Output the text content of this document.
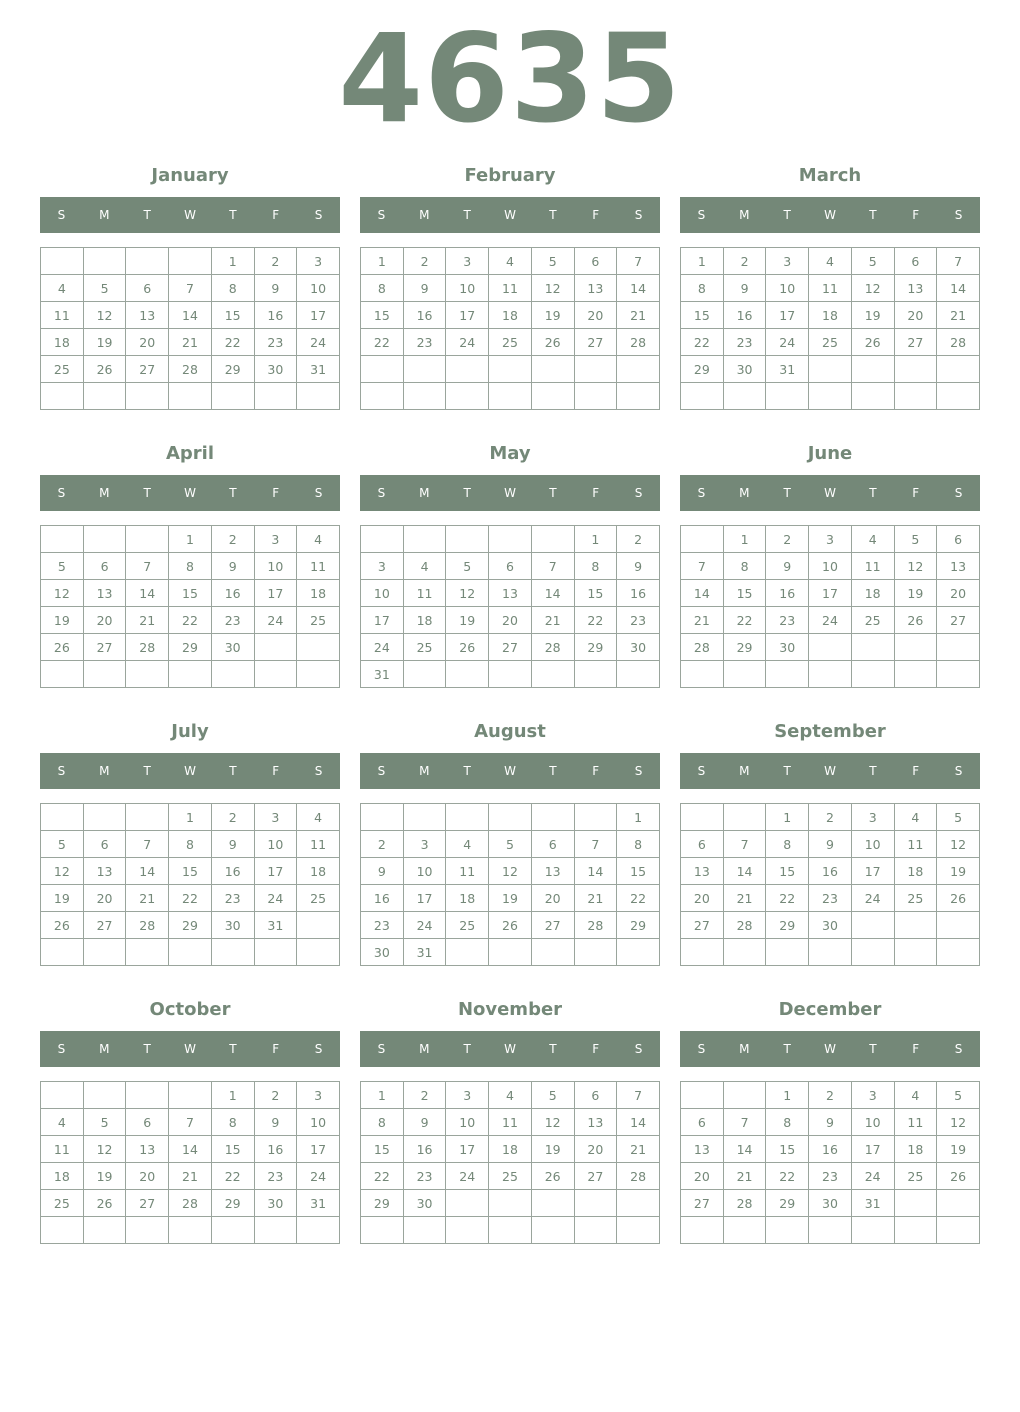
4635
January
S	M	T	W	T	F	S
				1	2	3
4	5	6	7	8	9	10
11	12	13	14	15	16	17
18	19	20	21	22	23	24
25	26	27	28	29	30	31

February
S	M	T	W	T	F	S
1	2	3	4	5	6	7
8	9	10	11	12	13	14
15	16	17	18	19	20	21
22	23	24	25	26	27	28

March
S	M	T	W	T	F	S
1	2	3	4	5	6	7
8	9	10	11	12	13	14
15	16	17	18	19	20	21
22	23	24	25	26	27	28
29	30	31				

April
S	M	T	W	T	F	S
			1	2	3	4
5	6	7	8	9	10	11
12	13	14	15	16	17	18
19	20	21	22	23	24	25
26	27	28	29	30		

May
S	M	T	W	T	F	S
					1	2
3	4	5	6	7	8	9
10	11	12	13	14	15	16
17	18	19	20	21	22	23
24	25	26	27	28	29	30
31						
June
S	M	T	W	T	F	S
	1	2	3	4	5	6
7	8	9	10	11	12	13
14	15	16	17	18	19	20
21	22	23	24	25	26	27
28	29	30				

July
S	M	T	W	T	F	S
			1	2	3	4
5	6	7	8	9	10	11
12	13	14	15	16	17	18
19	20	21	22	23	24	25
26	27	28	29	30	31	

August
S	M	T	W	T	F	S
						1
2	3	4	5	6	7	8
9	10	11	12	13	14	15
16	17	18	19	20	21	22
23	24	25	26	27	28	29
30	31					
September
S	M	T	W	T	F	S
		1	2	3	4	5
6	7	8	9	10	11	12
13	14	15	16	17	18	19
20	21	22	23	24	25	26
27	28	29	30			

October
S	M	T	W	T	F	S
				1	2	3
4	5	6	7	8	9	10
11	12	13	14	15	16	17
18	19	20	21	22	23	24
25	26	27	28	29	30	31

November
S	M	T	W	T	F	S
1	2	3	4	5	6	7
8	9	10	11	12	13	14
15	16	17	18	19	20	21
22	23	24	25	26	27	28
29	30					

December
S	M	T	W	T	F	S
		1	2	3	4	5
6	7	8	9	10	11	12
13	14	15	16	17	18	19
20	21	22	23	24	25	26
27	28	29	30	31		
